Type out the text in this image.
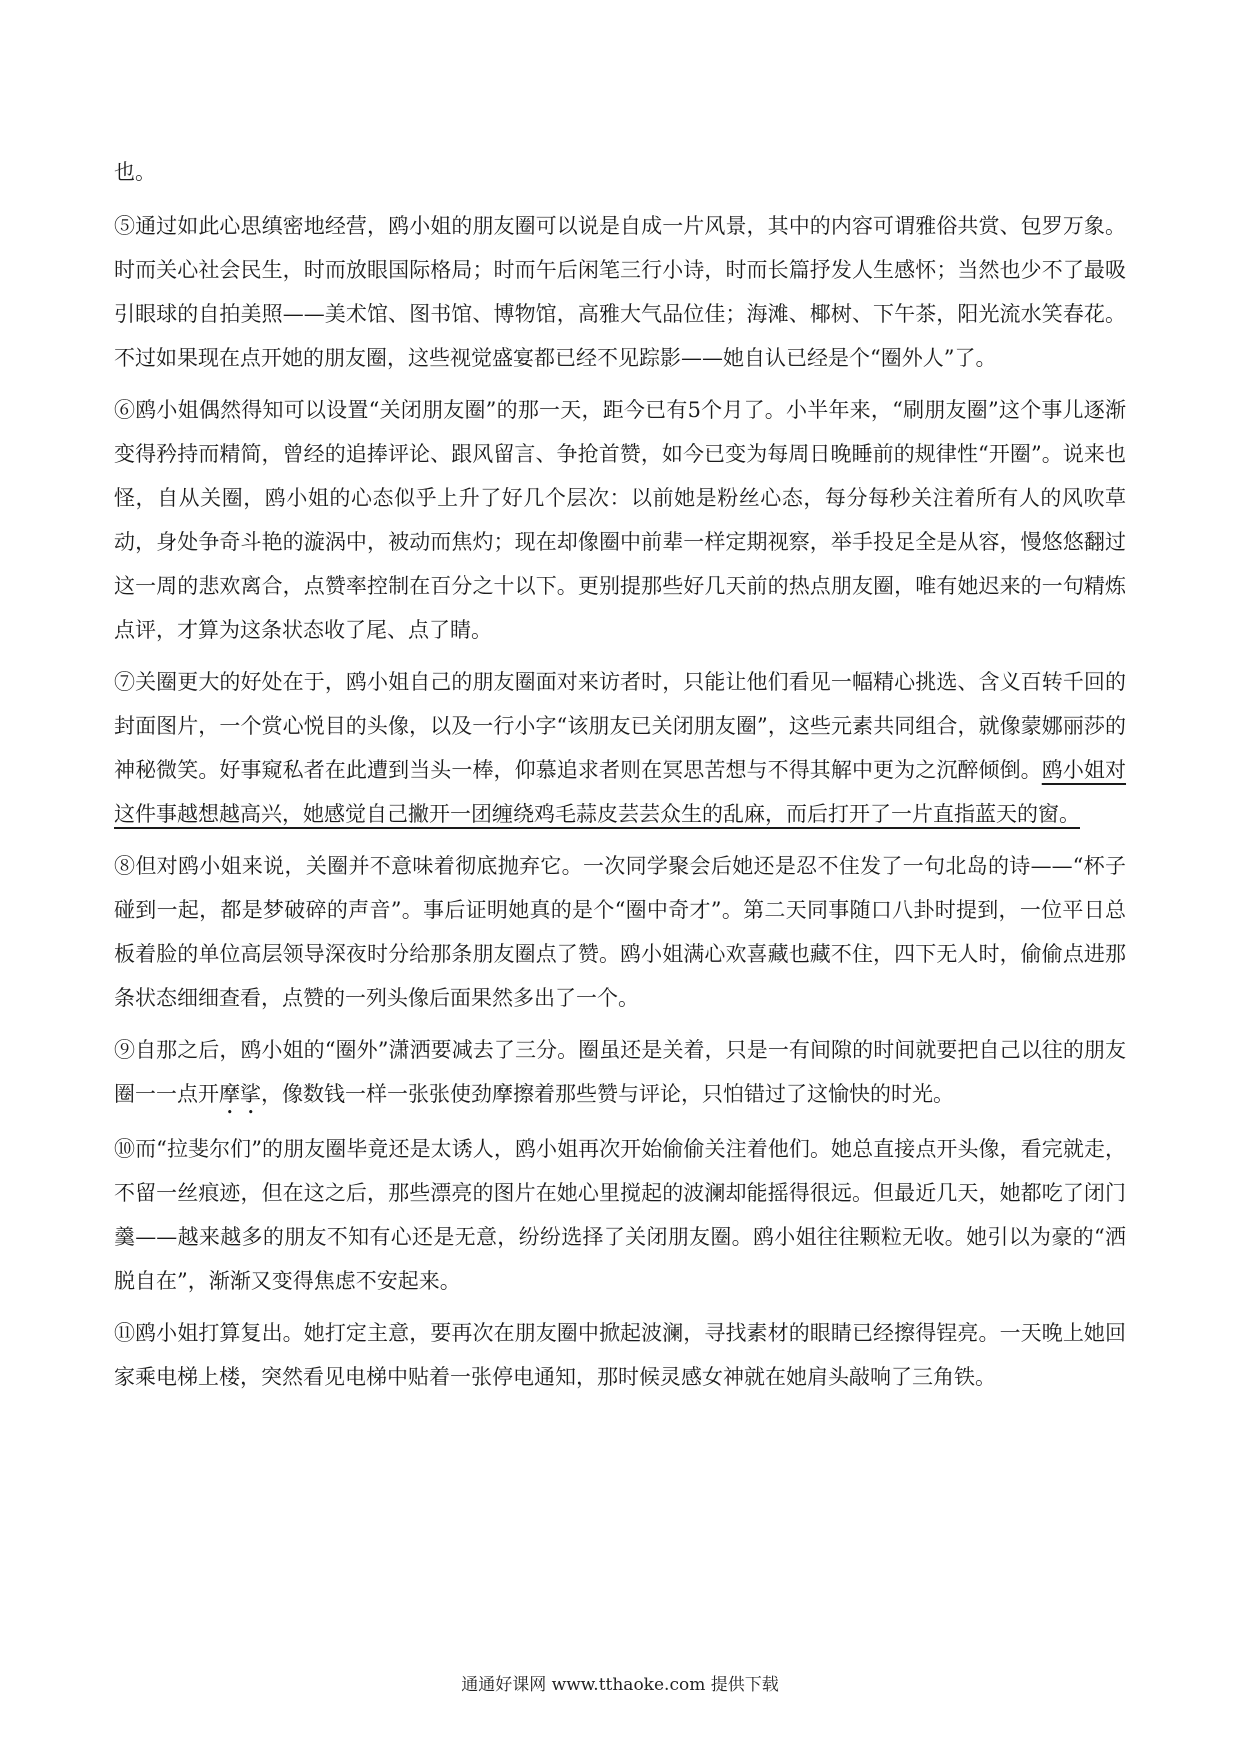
也。

⑤通过如此心思缜密地经营，鸥小姐的朋友圈可以说是自成一片风景，其中的内容可谓雅俗共赏、包罗万象。时而关心社会民生，时而放眼国际格局；时而午后闲笔三行小诗，时而长篇抒发人生感怀；当然也少不了最吸引眼球的自拍美照——美术馆、图书馆、博物馆，高雅大气品位佳；海滩、椰树、下午茶，阳光流水笑春花。不过如果现在点开她的朋友圈，这些视觉盛宴都已经不见踪影——她自认已经是个“圈外人”了。

⑥鸥小姐偶然得知可以设置“关闭朋友圈”的那一天，距今已有5个月了。小半年来，“刷朋友圈”这个事儿逐渐变得矜持而精简，曾经的追捧评论、跟风留言、争抢首赞，如今已变为每周日晚睡前的规律性“开圈”。说来也怪，自从关圈，鸥小姐的心态似乎上升了好几个层次：以前她是粉丝心态，每分每秒关注着所有人的风吹草动，身处争奇斗艳的漩涡中，被动而焦灼；现在却像圈中前辈一样定期视察，举手投足全是从容，慢悠悠翻过这一周的悲欢离合，点赞率控制在百分之十以下。更别提那些好几天前的热点朋友圈，唯有她迟来的一句精炼点评，才算为这条状态收了尾、点了睛。

⑦关圈更大的好处在于，鸥小姐自己的朋友圈面对来访者时，只能让他们看见一幅精心挑选、含义百转千回的封面图片，一个赏心悦目的头像，以及一行小字“该朋友已关闭朋友圈”，这些元素共同组合，就像蒙娜丽莎的神秘微笑。好事窥私者在此遭到当头一棒，仰慕追求者则在冥思苦想与不得其解中更为之沉醉倾倒。鸥小姐对这件事越想越高兴，她感觉自己撇开一团缠绕鸡毛蒜皮芸芸众生的乱麻，而后打开了一片直指蓝天的窗。

⑧但对鸥小姐来说，关圈并不意味着彻底抛弃它。一次同学聚会后她还是忍不住发了一句北岛的诗——“杯子碰到一起，都是梦破碎的声音”。事后证明她真的是个“圈中奇才”。第二天同事随口八卦时提到，一位平日总板着脸的单位高层领导深夜时分给那条朋友圈点了赞。鸥小姐满心欢喜藏也藏不住，四下无人时，偷偷点进那条状态细细查看，点赞的一列头像后面果然多出了一个。

⑨自那之后，鸥小姐的“圈外”潇洒要减去了三分。圈虽还是关着，只是一有间隙的时间就要把自己以往的朋友圈一一点开摩挲，像数钱一样一张张使劲摩擦着那些赞与评论，只怕错过了这愉快的时光。

⑩而“拉斐尔们”的朋友圈毕竟还是太诱人，鸥小姐再次开始偷偷关注着他们。她总直接点开头像，看完就走，不留一丝痕迹，但在这之后，那些漂亮的图片在她心里搅起的波澜却能摇得很远。但最近几天，她都吃了闭门羹——越来越多的朋友不知有心还是无意，纷纷选择了关闭朋友圈。鸥小姐往往颗粒无收。她引以为豪的“洒脱自在”，渐渐又变得焦虑不安起来。

⑪鸥小姐打算复出。她打定主意，要再次在朋友圈中掀起波澜，寻找素材的眼睛已经擦得锃亮。一天晚上她回家乘电梯上楼，突然看见电梯中贴着一张停电通知，那时候灵感女神就在她肩头敲响了三角铁。

通通好课网 www.tthaoke.com 提供下载
